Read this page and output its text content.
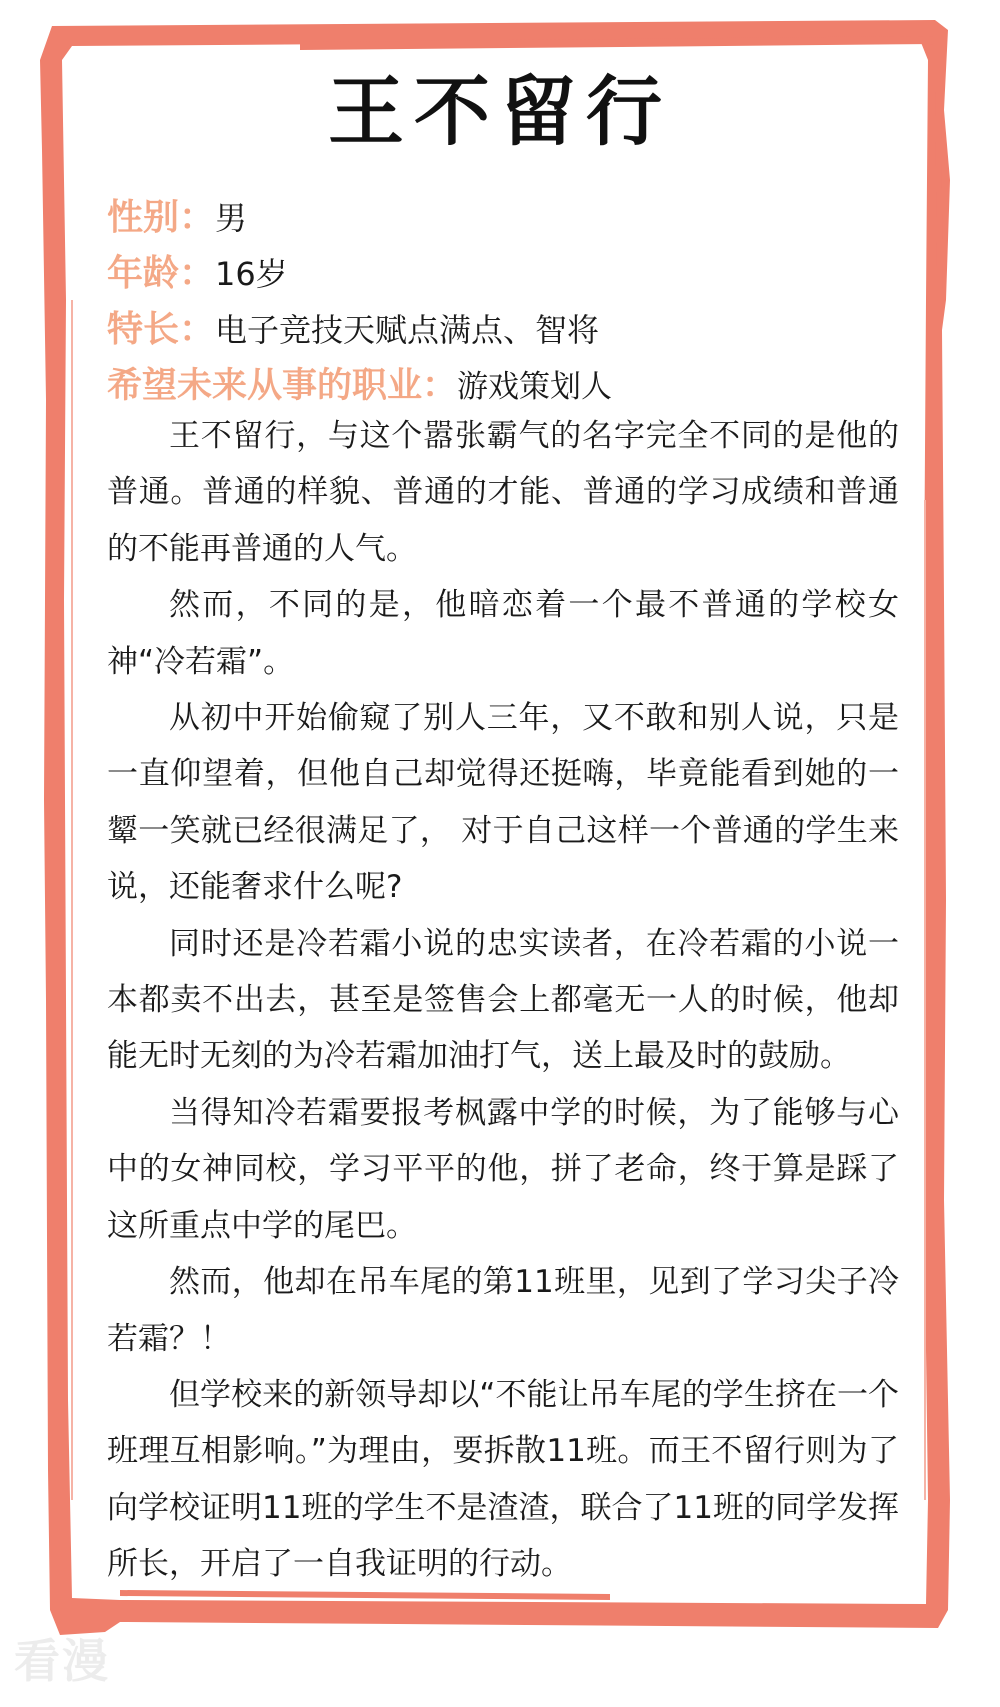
王不留行
性别：男
年龄：16岁
特长：电子竞技天赋点满点、智将
希望未来从事的职业：游戏策划人

王不留行，与这个嚣张霸气的名字完全不同的是他的普通。普通的样貌、普通的才能、普通的学习成绩和普通的不能再普通的人气。

然而，不同的是，他暗恋着一个最不普通的学校女神“冷若霜”。

从初中开始偷窥了别人三年，又不敢和别人说，只是一直仰望着，但他自己却觉得还挺嗨，毕竟能看到她的一颦一笑就已经很满足了， 对于自己这样一个普通的学生来说，还能奢求什么呢?

同时还是冷若霜小说的忠实读者，在冷若霜的小说一本都卖不出去，甚至是签售会上都毫无一人的时候，他却能无时无刻的为冷若霜加油打气，送上最及时的鼓励。

当得知冷若霜要报考枫露中学的时候，为了能够与心中的女神同校，学习平平的他，拼了老命，终于算是踩了这所重点中学的尾巴。

然而，他却在吊车尾的第11班里，见到了学习尖子冷若霜？！

但学校来的新领导却以“不能让吊车尾的学生挤在一个班理互相影响。”为理由，要拆散11班。而王不留行则为了向学校证明11班的学生不是渣渣，联合了11班的同学发挥所长，开启了一自我证明的行动。

看漫
